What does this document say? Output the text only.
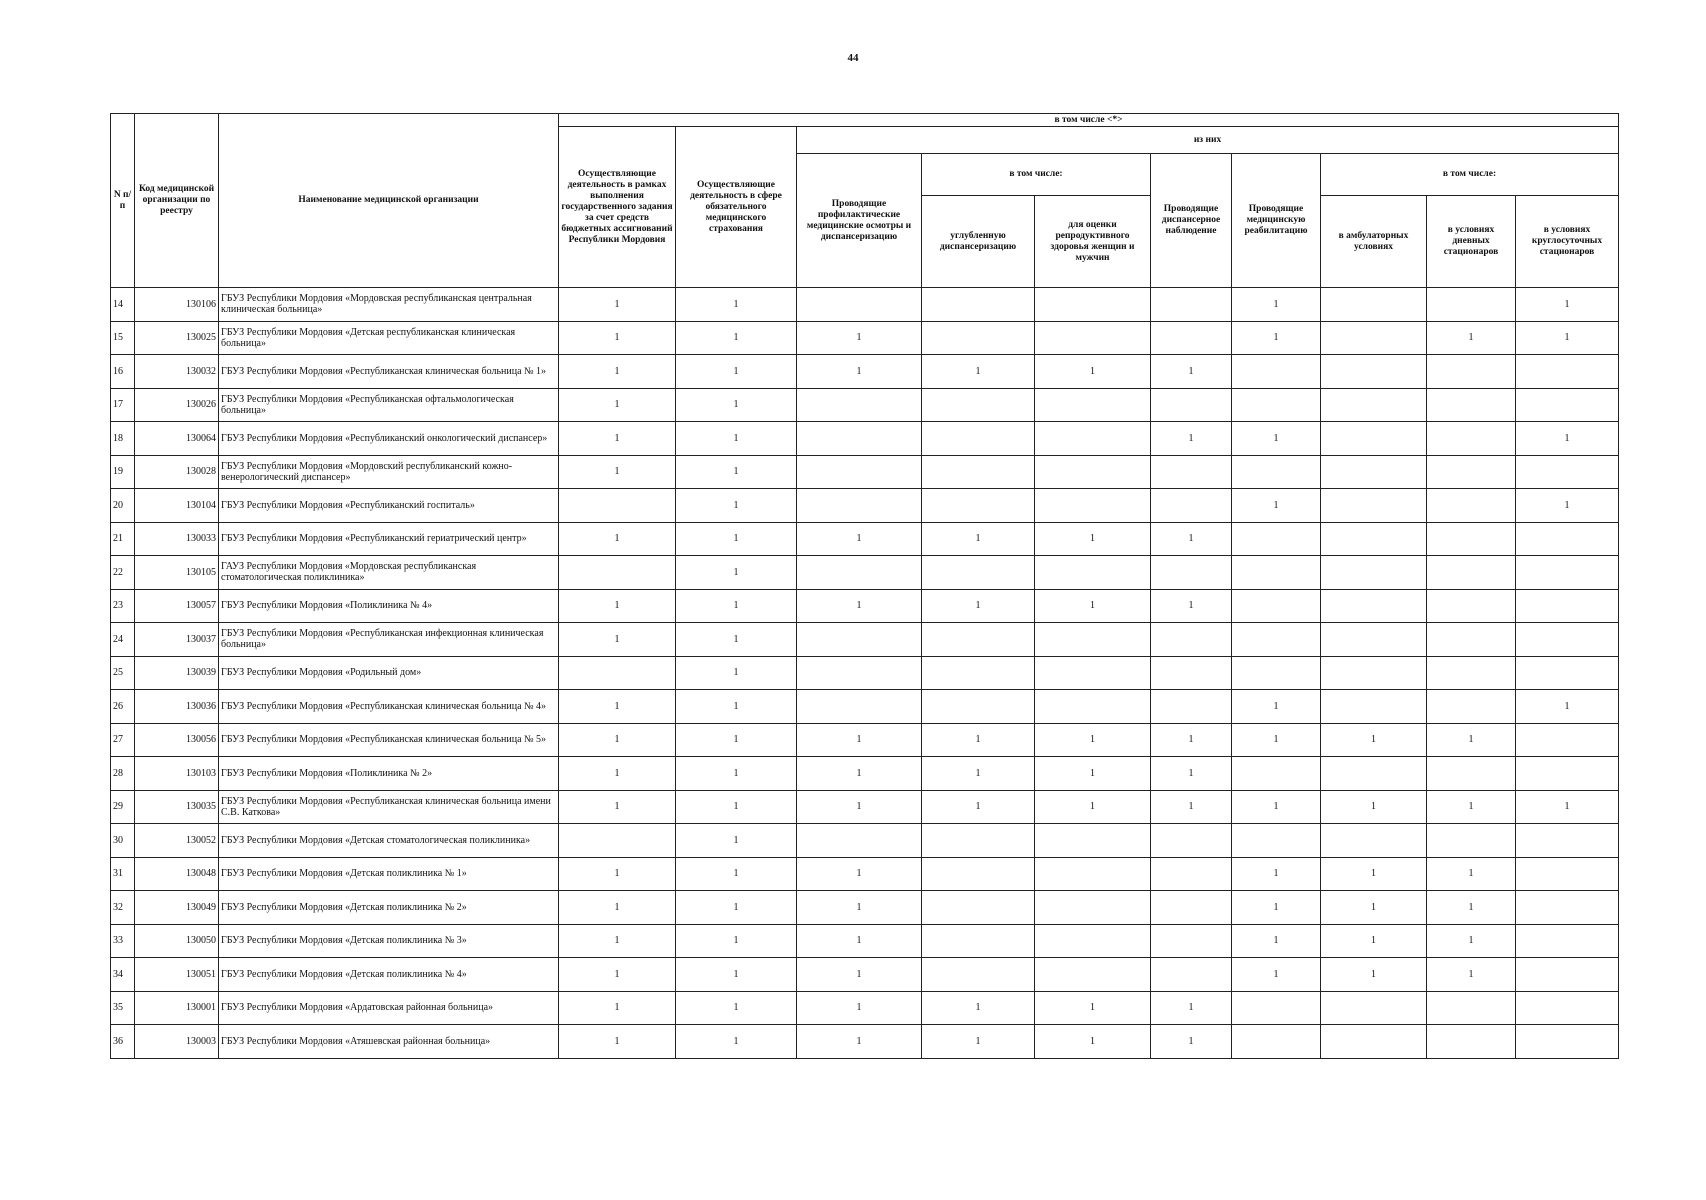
44
N п/п	Код медицинской организации по реестру	Наименование медицинской организации	в том числе <*>									
			Осуществляющие деятельность в рамках выполнения государственного задания за счет средств бюджетных ассигнований Республики Мордовия	Осуществляющие деятельность в сфере обязательного медицинского страхования	из них							
					Проводящие профилактические медицинские осмотры и диспансеризацию	в том числе:		Проводящие диспансерное наблюдение	Проводящие медицинскую реабилитацию	в том числе:		
						углубленную диспансеризацию	для оценки репродуктивного здоровья женщин и мужчин			в амбулаторных условиях	в условиях дневных стационаров	в условиях круглосуточных стационаров
14	130106	ГБУЗ Республики Мордовия «Мордовская республиканская центральная клиническая больница»	1	1					1			1
15	130025	ГБУЗ Республики Мордовия «Детская республиканская клиническая больница»	1	1	1				1		1	1
16	130032	ГБУЗ Республики Мордовия «Республиканская клиническая больница № 1»	1	1	1	1	1	1				
17	130026	ГБУЗ Республики Мордовия «Республиканская офтальмологическая больница»	1	1								
18	130064	ГБУЗ Республики Мордовия «Республиканский онкологический диспансер»	1	1				1	1			1
19	130028	ГБУЗ Республики Мордовия «Мордовский республиканский кожно-венерологический диспансер»	1	1								
20	130104	ГБУЗ Республики Мордовия «Республиканский госпиталь»		1					1			1
21	130033	ГБУЗ Республики Мордовия «Республиканский гериатрический центр»	1	1	1	1	1	1				
22	130105	ГАУЗ Республики Мордовия «Мордовская республиканская стоматологическая поликлиника»		1								
23	130057	ГБУЗ Республики Мордовия «Поликлиника № 4»	1	1	1	1	1	1				
24	130037	ГБУЗ Республики Мордовия «Республиканская инфекционная клиническая больница»	1	1								
25	130039	ГБУЗ Республики Мордовия «Родильный дом»		1								
26	130036	ГБУЗ Республики Мордовия «Республиканская клиническая больница № 4»	1	1					1			1
27	130056	ГБУЗ Республики Мордовия «Республиканская клиническая больница № 5»	1	1	1	1	1	1	1	1	1	
28	130103	ГБУЗ Республики Мордовия «Поликлиника № 2»	1	1	1	1	1	1				
29	130035	ГБУЗ Республики Мордовия «Республиканская клиническая больница имени С.В. Каткова»	1	1	1	1	1	1	1	1	1	1
30	130052	ГБУЗ Республики Мордовия «Детская стоматологическая поликлиника»		1								
31	130048	ГБУЗ Республики Мордовия «Детская поликлиника № 1»	1	1	1				1	1	1	
32	130049	ГБУЗ Республики Мордовия «Детская поликлиника № 2»	1	1	1				1	1	1	
33	130050	ГБУЗ Республики Мордовия «Детская поликлиника № 3»	1	1	1				1	1	1	
34	130051	ГБУЗ Республики Мордовия «Детская поликлиника № 4»	1	1	1				1	1	1	
35	130001	ГБУЗ Республики Мордовия «Ардатовская районная больница»	1	1	1	1	1	1				
36	130003	ГБУЗ Республики Мордовия «Атяшевская районная больница»	1	1	1	1	1	1				
